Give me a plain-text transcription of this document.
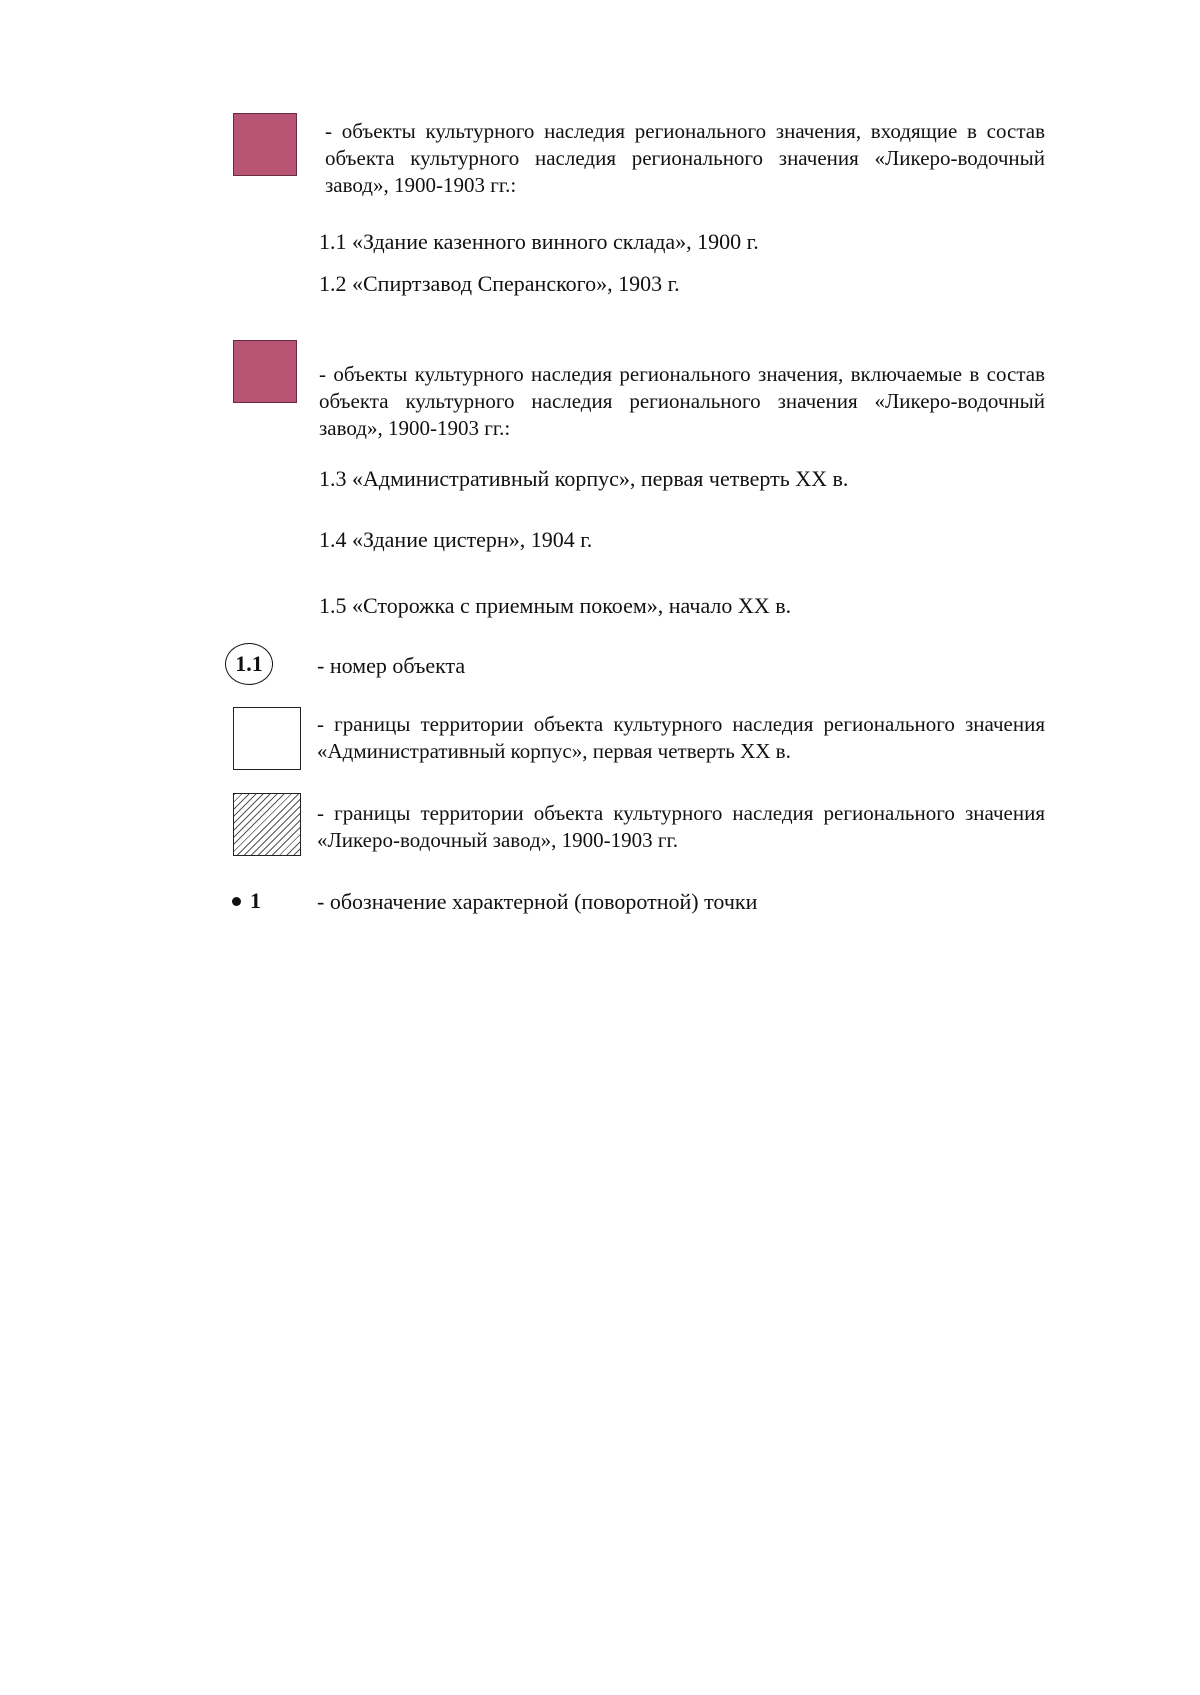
- объекты культурного наследия регионального значения, входящие в состав объекта культурного наследия регионального значения «Ликеро-водочный завод», 1900-1903 гг.:
1.1 «Здание казенного винного склада», 1900 г.
1.2 «Спиртзавод Сперанского», 1903 г.
- объекты культурного наследия регионального значения, включаемые в состав объекта культурного наследия регионального значения «Ликеро-водочный завод», 1900-1903 гг.:
1.3 «Административный корпус», первая четверть XX в.
1.4 «Здание цистерн», 1904 г.
1.5 «Сторожка с приемным покоем», начало XX в.
1.1 - номер объекта
- границы территории объекта культурного наследия регионального значения «Административный корпус», первая четверть XX в.
- границы территории объекта культурного наследия регионального значения «Ликеро-водочный завод», 1900-1903 гг.
1	- обозначение характерной (поворотной) точки
